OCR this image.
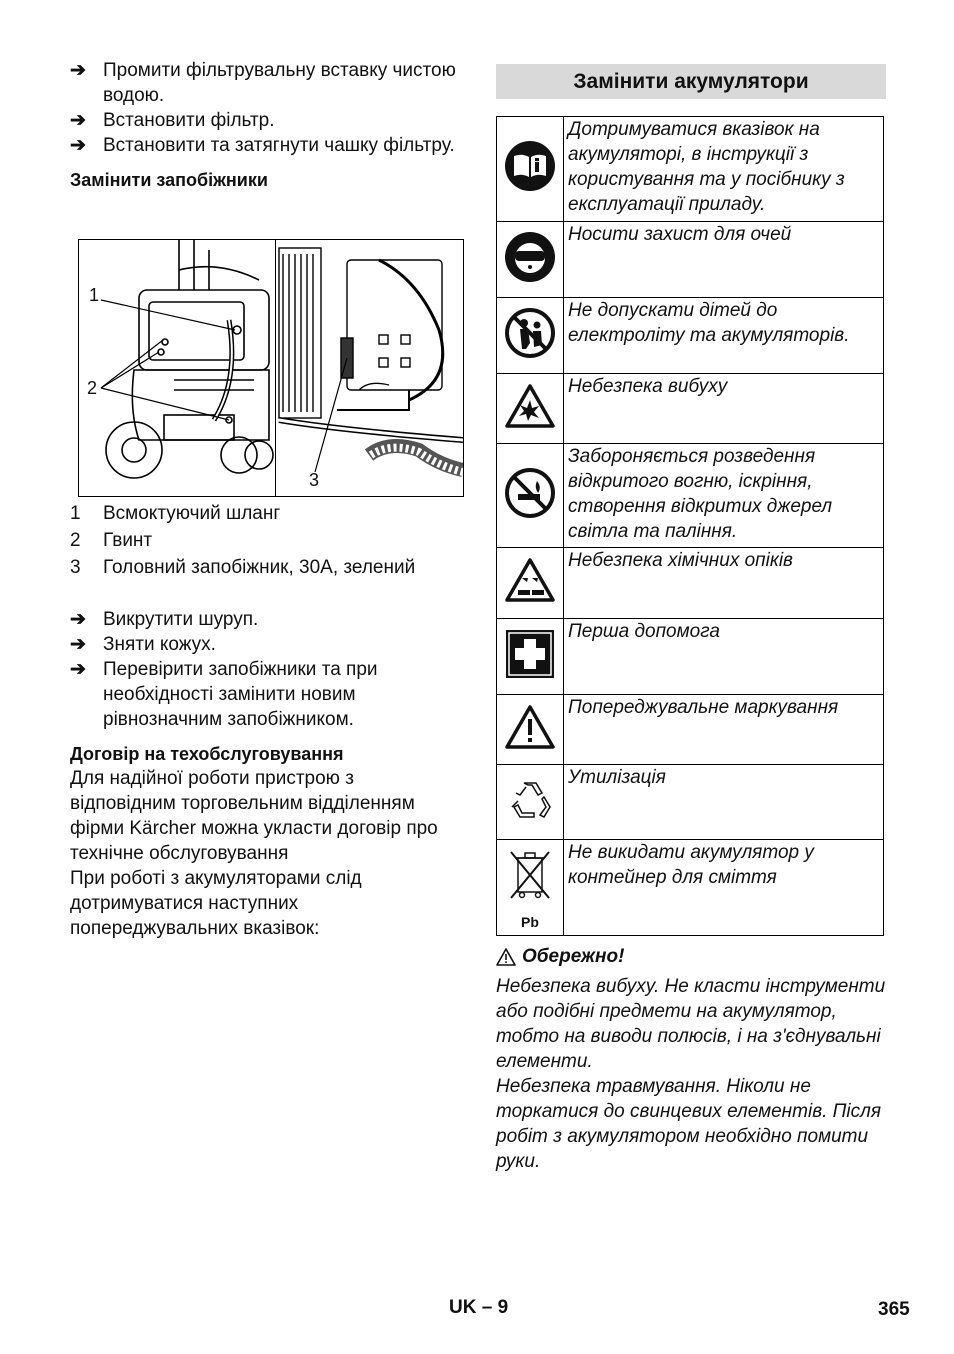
➔ Промити фільтрувальну вставку чистою водою.
➔ Встановити фільтр.
➔ Встановити та затягнути чашку фільтру.
Замінити запобіжники
1
2
3
1	Всмоктуючий шланг
2	Гвинт
3	Головний запобіжник, 30A, зелений
➔ Викрутити шуруп.
➔ Зняти кожух.
➔ Перевірити запобіжники та при необхідності замінити новим рівнозначним запобіжником.
Договір на техобслуговування
Для надійної роботи пристрою з відповідним торговельним відділенням фірми Kärcher можна укласти договір про технічне обслуговування
При роботі з акумуляторами слід дотримуватися наступних попереджувальних вказівок:
Замінити акумулятори
	Дотримуватися вказівок на акумуляторі, в інструкції з користування та у посібнику з експлуатації приладу.
	Носити захист для очей
	Не допускати дітей до електроліту та акумуляторів.
	Небезпека вибуху
	Забороняється розведення відкритого вогню, іскріння, створення відкритих джерел світла та паління.
	Небезпека хімічних опіків
	Перша допомога
	Попереджувальне маркування
	Утилізація

Pb	Не викидати акумулятор у контейнер для сміття
Обережно!
Небезпека вибуху. Не класти інструменти або подібні предмети на акумулятор, тобто на виводи полюсів, і на з'єднувальні елементи.
Небезпека травмування. Ніколи не торкатися до свинцевих елементів. Після робіт з акумулятором необхідно помити руки.
UK – 9	365
